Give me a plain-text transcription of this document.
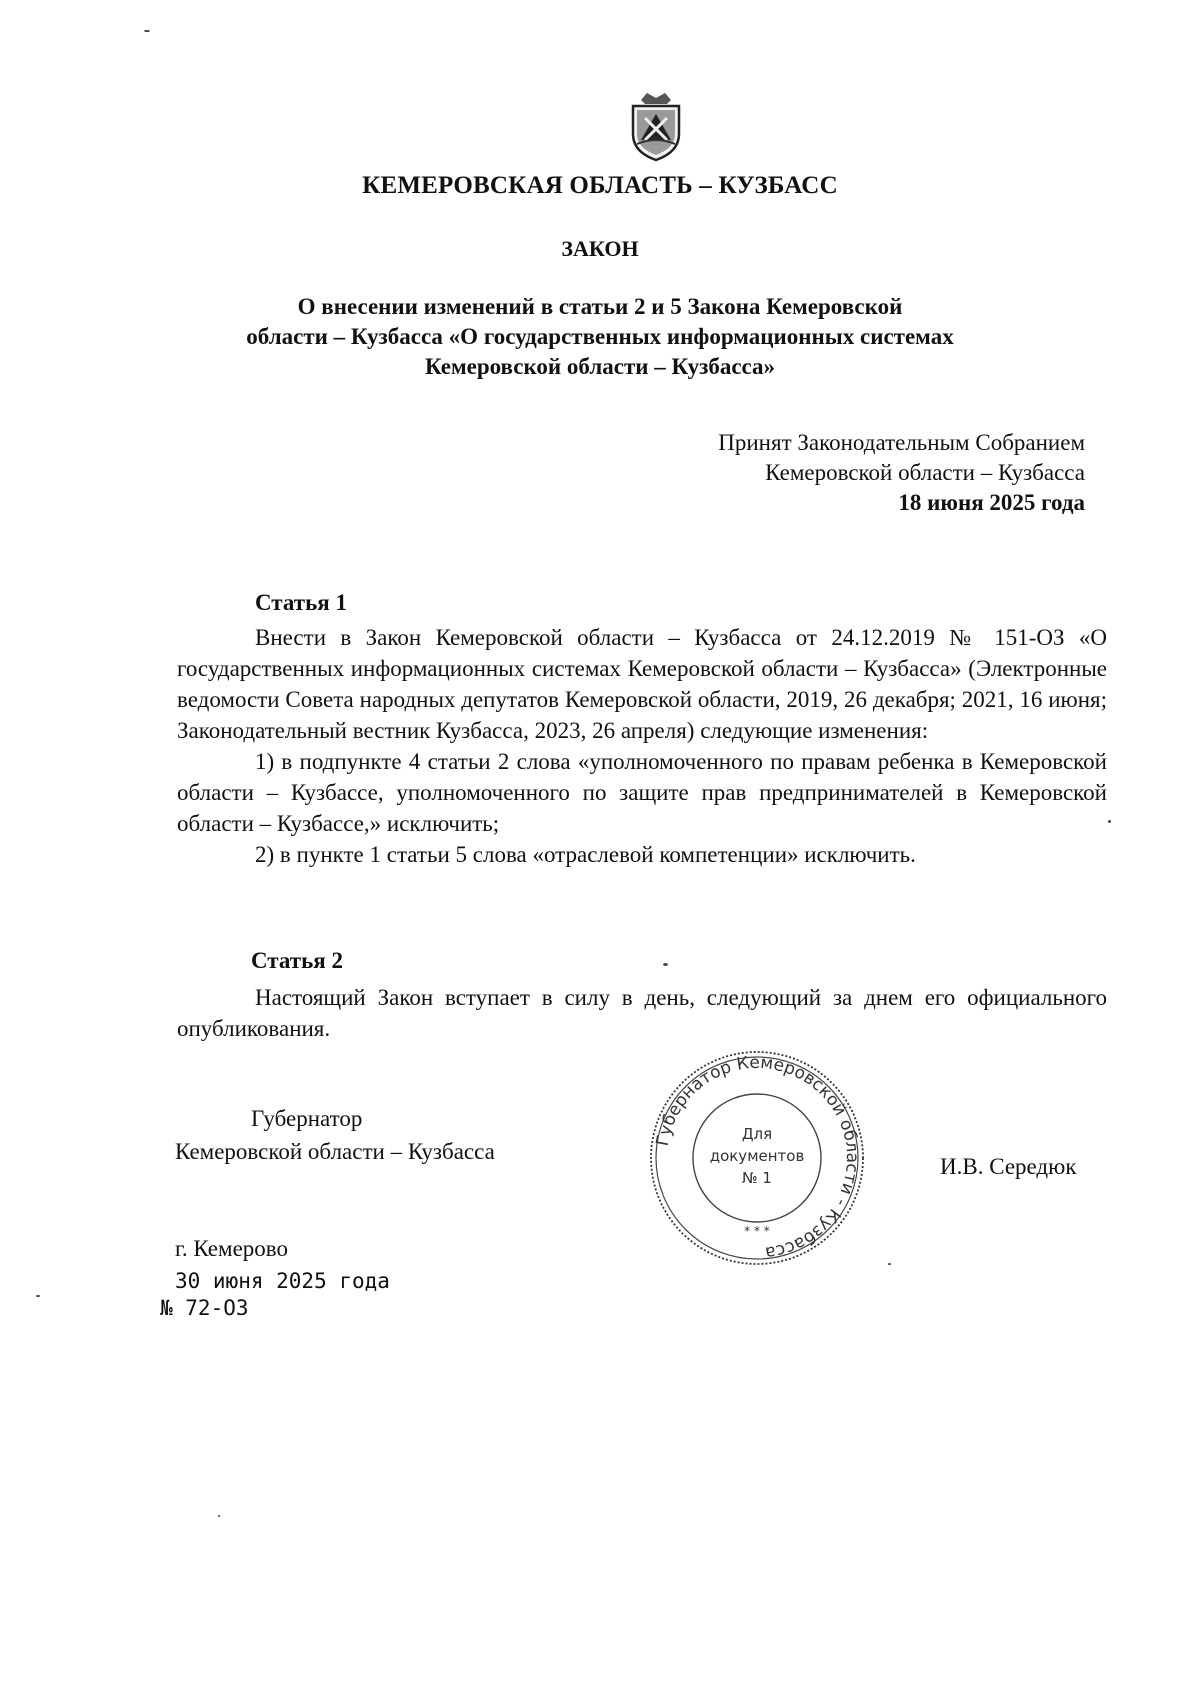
КЕМЕРОВСКАЯ ОБЛАСТЬ – КУЗБАСС
ЗАКОН
О внесении изменений в статьи 2 и 5 Закона Кемеровской
области – Кузбасса «О государственных информационных системах
Кемеровской области – Кузбасса»
Принят Законодательным Собранием
Кемеровской области – Кузбасса
18 июня 2025 года
Статья 1

Внести в Закон Кемеровской области – Кузбасса от 24.12.2019 № 151-ОЗ «О государственных информационных системах Кемеровской области – Кузбасса» (Электронные ведомости Совета народных депутатов Кемеровской области, 2019, 26 декабря; 2021, 16 июня; Законодательный вестник Кузбасса, 2023, 26 апреля) следующие изменения:

1) в подпункте 4 статьи 2 слова «уполномоченного по правам ребенка в Кемеровской области – Кузбассе, уполномоченного по защите прав предпринимателей в Кемеровской области – Кузбассе,» исключить;

2) в пункте 1 статьи 5 слова «отраслевой компетенции» исключить.

Статья 2

Настоящий Закон вступает в силу в день, следующий за днем его официального опубликования.

Губернатор
Кемеровской области – Кузбасса
И.В. Середюк
Губернатор Кемеровской области - Кузбасса
Для
документов
№ 1
* * *
г. Кемерово
30 июня 2025 года
№ 72-ОЗ
